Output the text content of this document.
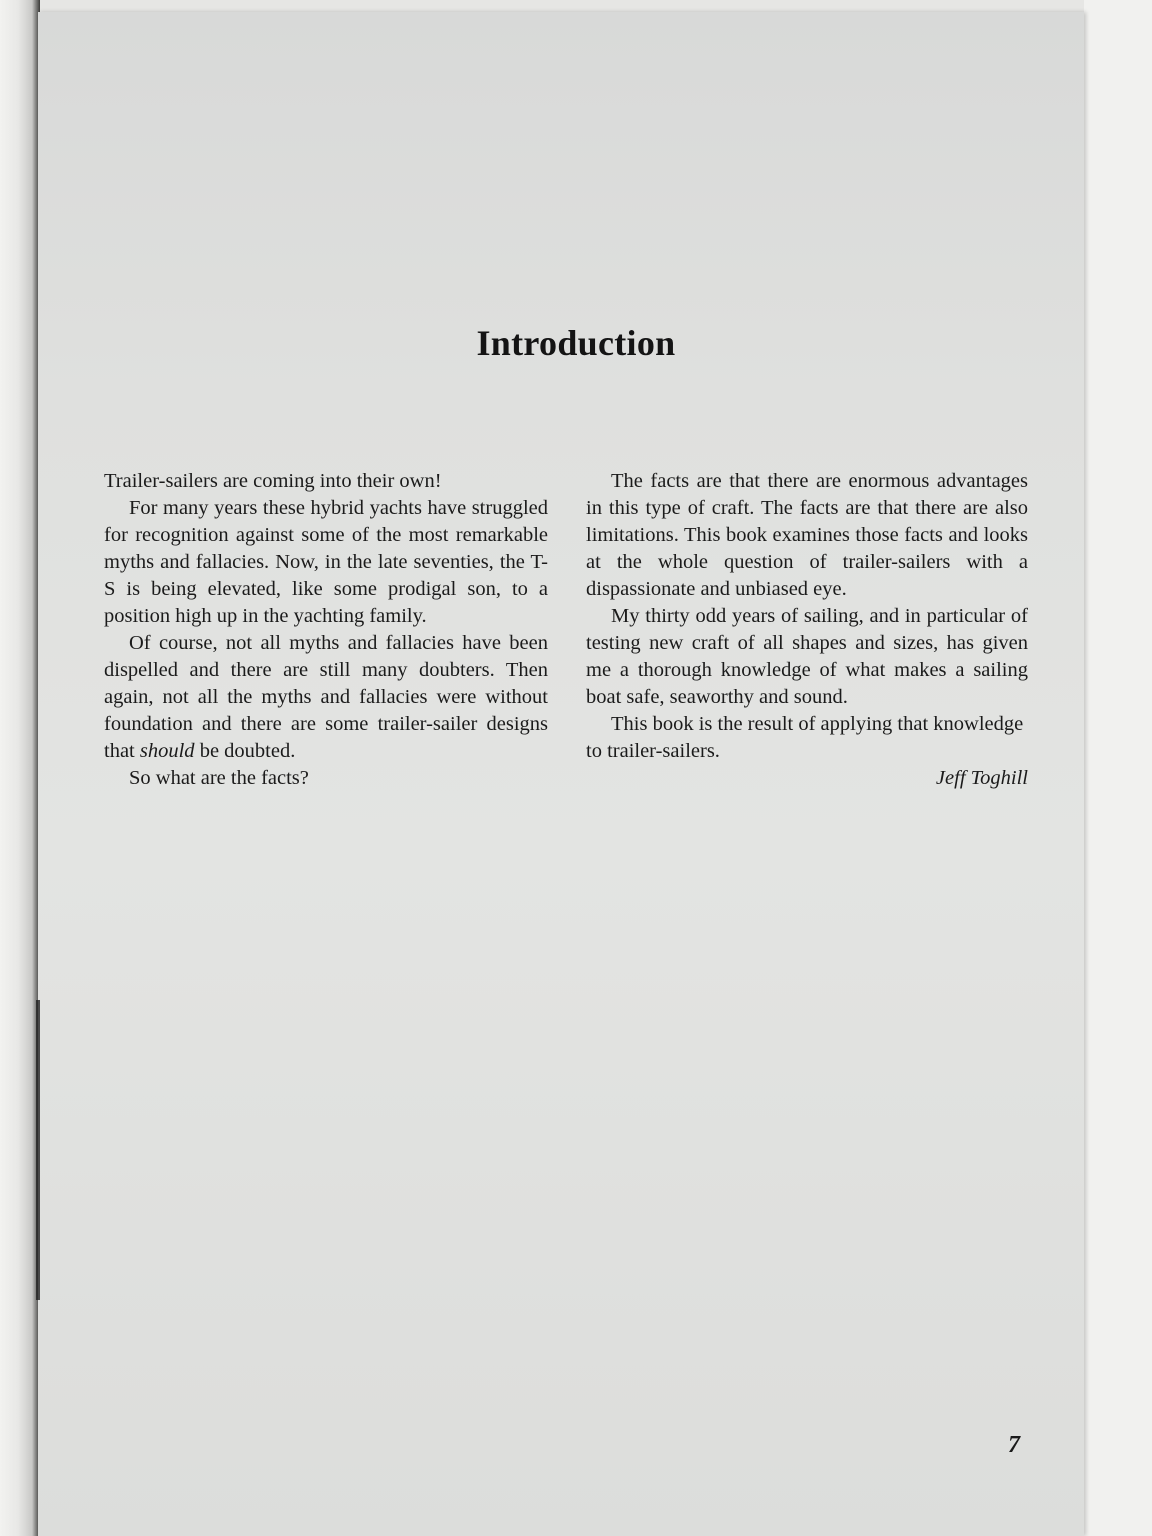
Introduction

Trailer-sailers are coming into their own!

For many years these hybrid yachts have struggled for recognition against some of the most remarkable myths and fallacies. Now, in the late seventies, the T-S is being elevated, like some prodigal son, to a position high up in the yachting family.

Of course, not all myths and fallacies have been dispelled and there are still many doubters. Then again, not all the myths and fallacies were without foundation and there are some trailer-sailer designs that should be doubted.

So what are the facts?

The facts are that there are enormous advantages in this type of craft. The facts are that there are also limitations. This book examines those facts and looks at the whole question of trailer-sailers with a dispassionate and unbiased eye.

My thirty odd years of sailing, and in particular of testing new craft of all shapes and sizes, has given me a thorough knowledge of what makes a sailing boat safe, seaworthy and sound.

This book is the result of applying that knowledge to trailer-sailers.

Jeff Toghill
7
